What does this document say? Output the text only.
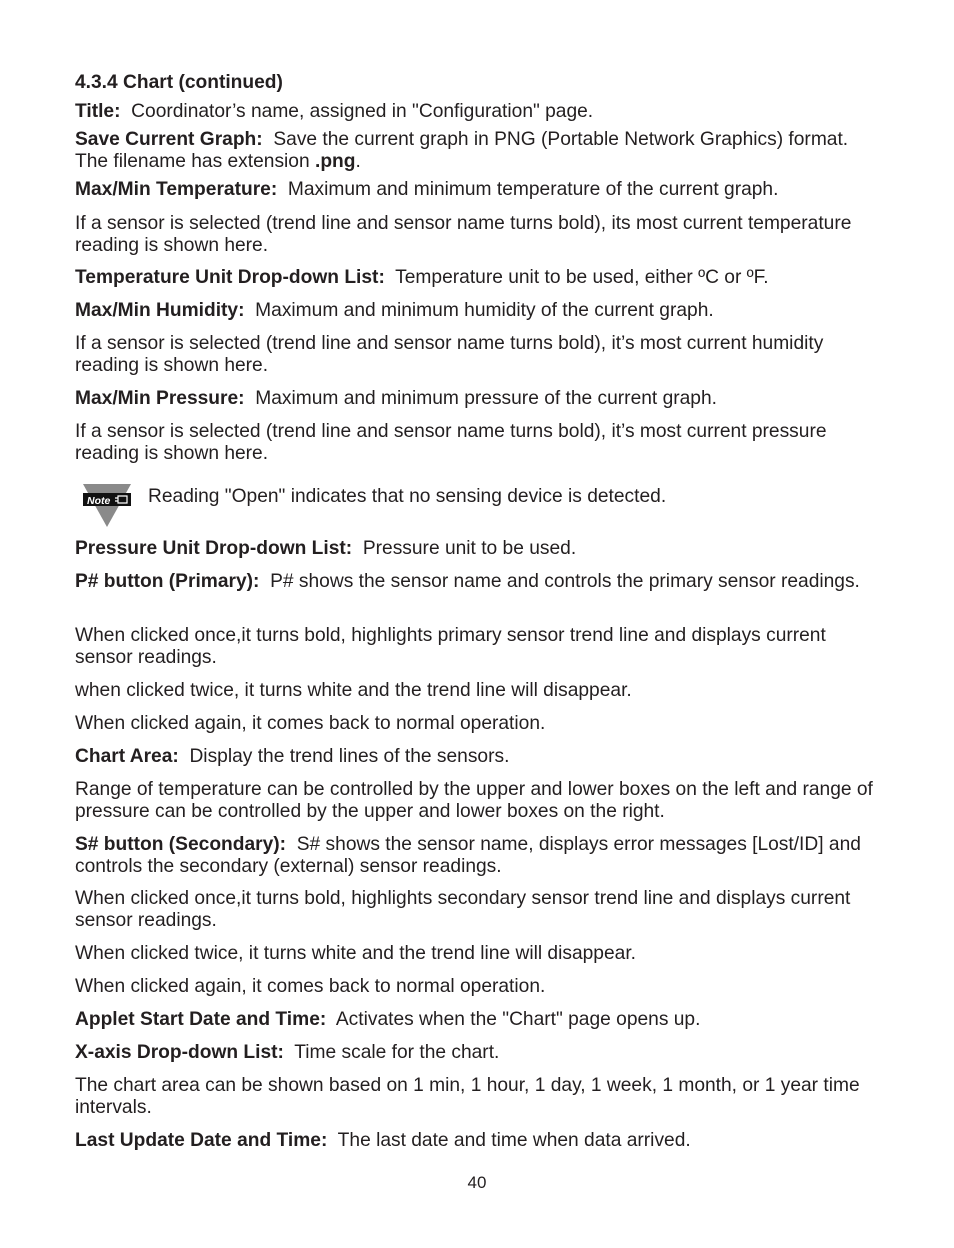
4.3.4 Chart (continued)

Title: Coordinator’s name, assigned in "Configuration" page.

Save Current Graph: Save the current graph in PNG (Portable Network Graphics) format. The filename has extension .png.

Max/Min Temperature: Maximum and minimum temperature of the current graph.

If a sensor is selected (trend line and sensor name turns bold), its most current temperature reading is shown here.

Temperature Unit Drop-down List: Temperature unit to be used, either ºC or ºF.

Max/Min Humidity: Maximum and minimum humidity of the current graph.

If a sensor is selected (trend line and sensor name turns bold), it’s most current humidity reading is shown here.

Max/Min Pressure: Maximum and minimum pressure of the current graph.

If a sensor is selected (trend line and sensor name turns bold), it’s most current pressure reading is shown here.

Note Reading "Open" indicates that no sensing device is detected.

Pressure Unit Drop-down List: Pressure unit to be used.

P# button (Primary): P# shows the sensor name and controls the primary sensor readings.

When clicked once,it turns bold, highlights primary sensor trend line and displays current sensor readings.

when clicked twice, it turns white and the trend line will disappear.

When clicked again, it comes back to normal operation.

Chart Area: Display the trend lines of the sensors.

Range of temperature can be controlled by the upper and lower boxes on the left and range of pressure can be controlled by the upper and lower boxes on the right.

S# button (Secondary): S# shows the sensor name, displays error messages [Lost/ID] and controls the secondary (external) sensor readings.

When clicked once,it turns bold, highlights secondary sensor trend line and displays current sensor readings.

When clicked twice, it turns white and the trend line will disappear.

When clicked again, it comes back to normal operation.

Applet Start Date and Time: Activates when the "Chart" page opens up.

X-axis Drop-down List: Time scale for the chart.

The chart area can be shown based on 1 min, 1 hour, 1 day, 1 week, 1 month, or 1 year time intervals.

Last Update Date and Time: The last date and time when data arrived.

40
